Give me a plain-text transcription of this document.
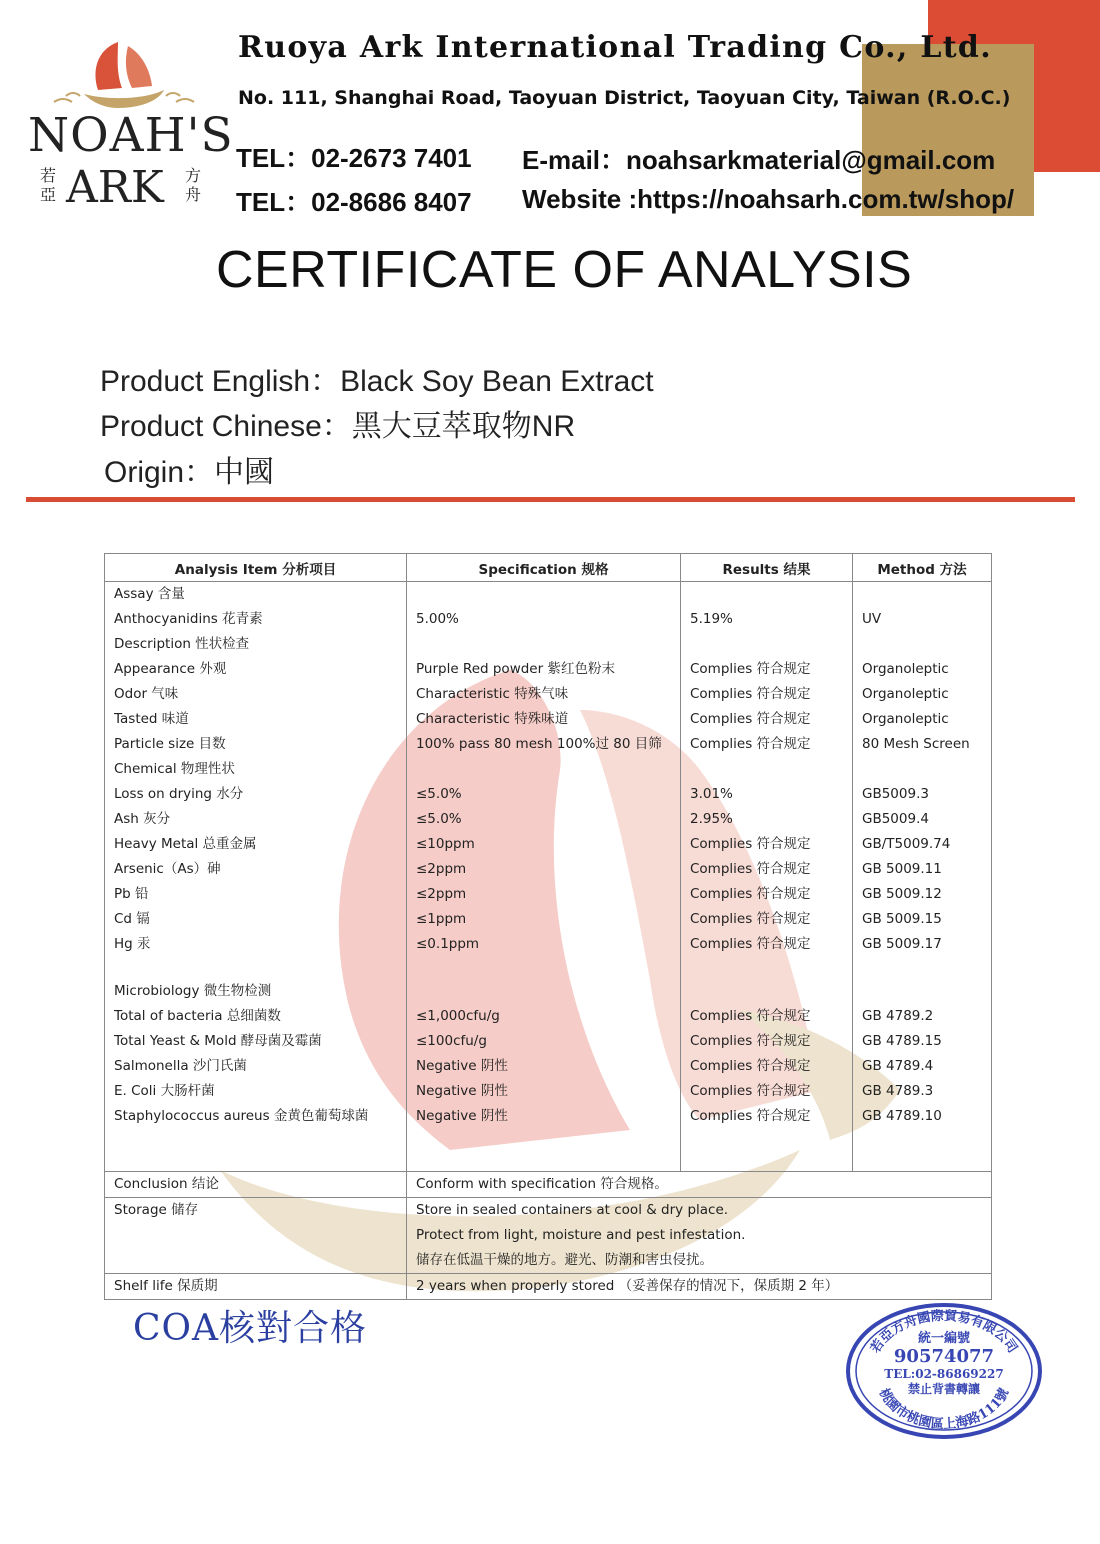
NOAH'S
若亞 ARK 方舟
Ruoya Ark International Trading Co., Ltd.
No. 111, Shanghai Road, Taoyuan District, Taoyuan City, Taiwan (R.O.C.)
TEL：02-2673 7401
TEL：02-8686 8407
E-mail：noahsarkmaterial@gmail.com
Website :https://noahsarh.com.tw/shop/
CERTIFICATE OF ANALYSIS
Product English：Black Soy Bean Extract
Product Chinese：黑大豆萃取物NR
Origin：中國
Analysis Item 分析项目	Specification 规格	Results 结果	Method 方法
Assay 含量			
Anthocyanidins 花青素	5.00%	5.19%	UV
Description 性状检查			
Appearance 外观	Purple Red powder 紫红色粉末	Complies 符合规定	Organoleptic
Odor 气味	Characteristic 特殊气味	Complies 符合规定	Organoleptic
Tasted 味道	Characteristic 特殊味道	Complies 符合规定	Organoleptic
Particle size 目数	100% pass 80 mesh 100%过 80 目筛	Complies 符合规定	80 Mesh Screen
Chemical 物理性状			
Loss on drying 水分	≤5.0%	3.01%	GB5009.3
Ash 灰分	≤5.0%	2.95%	GB5009.4
Heavy Metal 总重金属	≤10ppm	Complies 符合规定	GB/T5009.74
Arsenic（As）砷	≤2ppm	Complies 符合规定	GB 5009.11
Pb 铅	≤2ppm	Complies 符合规定	GB 5009.12
Cd 镉	≤1ppm	Complies 符合规定	GB 5009.15
Hg 汞	≤0.1ppm	Complies 符合规定	GB 5009.17

Microbiology 微生物检测			
Total of bacteria 总细菌数	≤1,000cfu/g	Complies 符合规定	GB 4789.2
Total Yeast & Mold 酵母菌及霉菌	≤100cfu/g	Complies 符合规定	GB 4789.15
Salmonella 沙门氏菌	Negative 阴性	Complies 符合规定	GB 4789.4
E. Coli 大肠杆菌	Negative 阴性	Complies 符合规定	GB 4789.3
Staphylococcus aureus 金黄色葡萄球菌	Negative 阴性	Complies 符合规定	GB 4789.10

Conclusion 结论	Conform with specification 符合规格。		
Storage 储存	Store in sealed containers at cool & dry place.		
	Protect from light, moisture and pest infestation.		
	储存在低温干燥的地方。避光、防潮和害虫侵扰。		
Shelf life 保质期	2 years when properly stored （妥善保存的情况下，保质期 2 年）		
COA核對合格	若亞方舟國際貿易有限公司
統一編號
90574077
TEL:02-86869227
禁止背書轉讓
桃園市桃園區上海路111號
